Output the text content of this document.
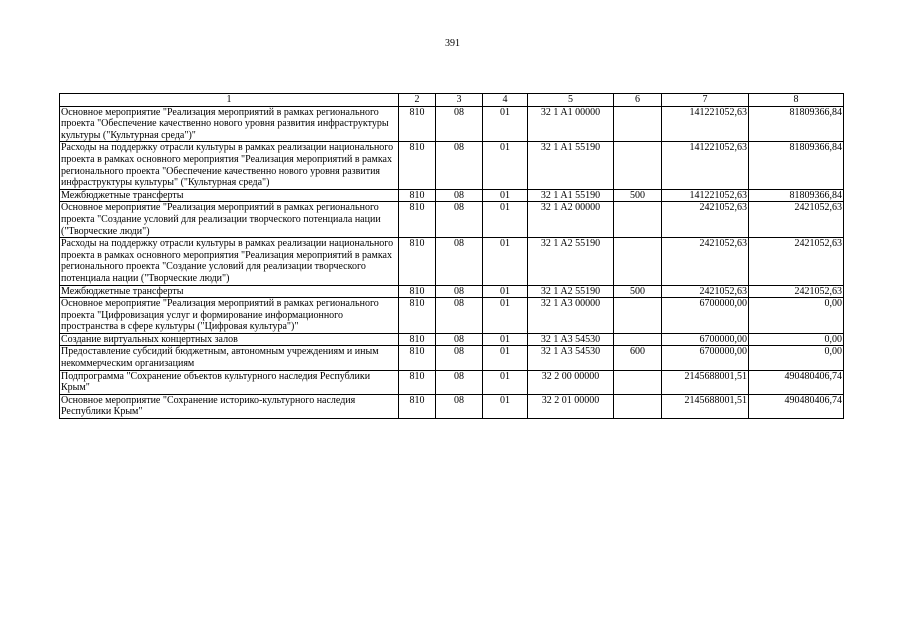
391
1	2	3	4	5	6	7	8
Основное мероприятие "Реализация мероприятий в рамках регионального проекта "Обеспечение качественно нового уровня развития инфраструктуры культуры ("Культурная среда")"	810	08	01	32 1 A1 00000		141221052,63	81809366,84
Расходы на поддержку отрасли культуры в рамках реализации национального проекта в рамках основного мероприятия "Реализация мероприятий в рамках регионального проекта "Обеспечение качественно нового уровня развития инфраструктуры культуры" ("Культурная среда")	810	08	01	32 1 A1 55190		141221052,63	81809366,84
Межбюджетные трансферты	810	08	01	32 1 A1 55190	500	141221052,63	81809366,84
Основное мероприятие "Реализация мероприятий в рамках регионального проекта "Создание условий для реализации творческого потенциала нации ("Творческие люди")	810	08	01	32 1 A2 00000		2421052,63	2421052,63
Расходы на поддержку отрасли культуры в рамках реализации национального проекта в рамках основного мероприятия "Реализация мероприятий в рамках регионального проекта "Создание условий для реализации творческого потенциала нации ("Творческие люди")	810	08	01	32 1 A2 55190		2421052,63	2421052,63
Межбюджетные трансферты	810	08	01	32 1 A2 55190	500	2421052,63	2421052,63
Основное мероприятие "Реализация мероприятий в рамках регионального проекта "Цифровизация услуг и формирование информационного пространства в сфере культуры ("Цифровая культура")"	810	08	01	32 1 A3 00000		6700000,00	0,00
Создание виртуальных концертных залов	810	08	01	32 1 A3 54530		6700000,00	0,00
Предоставление субсидий бюджетным, автономным учреждениям и иным некоммерческим организациям	810	08	01	32 1 A3 54530	600	6700000,00	0,00
Подпрограмма "Сохранение объектов культурного наследия Республики Крым"	810	08	01	32 2 00 00000		2145688001,51	490480406,74
Основное мероприятие "Сохранение историко-культурного наследия Республики Крым"	810	08	01	32 2 01 00000		2145688001,51	490480406,74
